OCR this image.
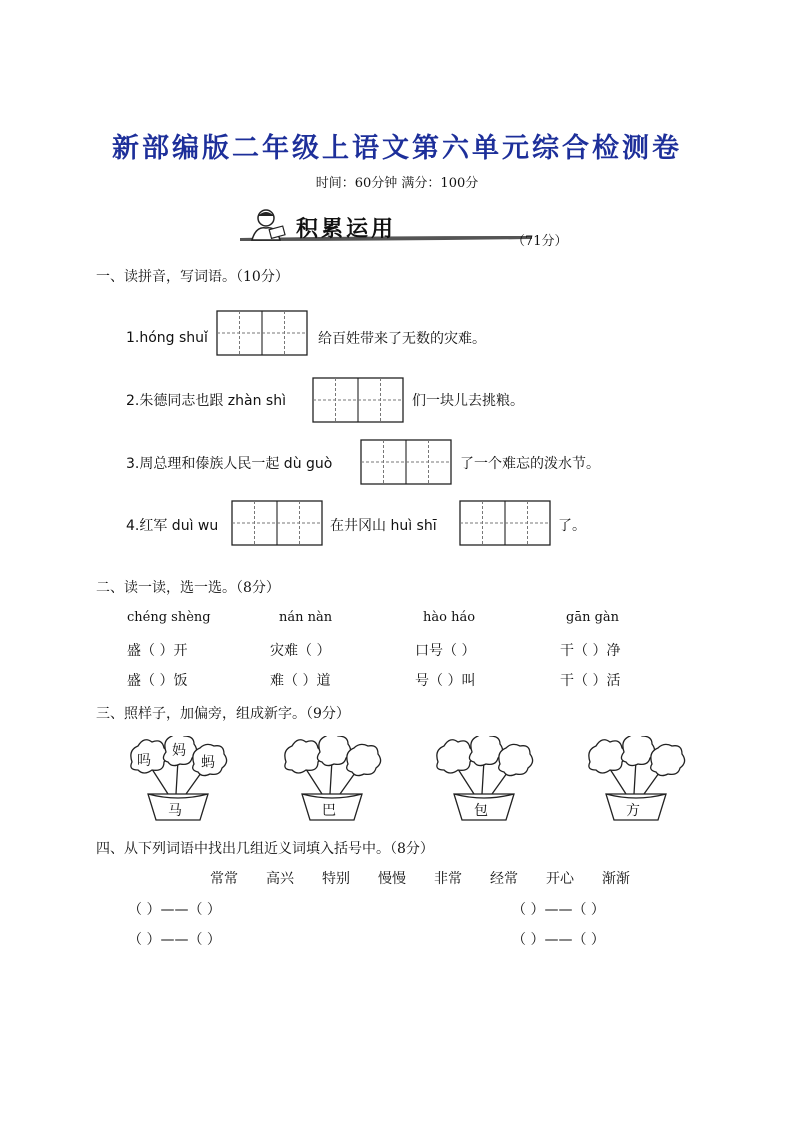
新部编版二年级上语文第六单元综合检测卷
时间：60分钟 满分：100分
积累运用	（71分）
一、读拼音，写词语。（10分）
1.hóng shuǐ	给百姓带来了无数的灾难。
2.朱德同志也跟 zhàn shì	们一块儿去挑粮。
3.周总理和傣族人民一起 dù guò	了一个难忘的泼水节。
4.红军 duì wu	在井冈山 huì shī	了。
二、读一读，选一选。（8分）
chéng shèng	nán nàn	hào háo	gān gàn
盛（ ）开	灾难（ ）	口号（ ）	干（ ）净
盛（ ）饭	难（ ）道	号（ ）叫	干（ ）活
三、照样子，加偏旁，组成新字。（9分）
吗
妈
蚂
马	巴	包	方
四、从下列词语中找出几组近义词填入括号中。（8分）
常常 高兴 特别 慢慢 非常 经常 开心 渐渐
（ ）——（ ）	（ ）——（ ）
（ ）——（ ）	（ ）——（ ）
